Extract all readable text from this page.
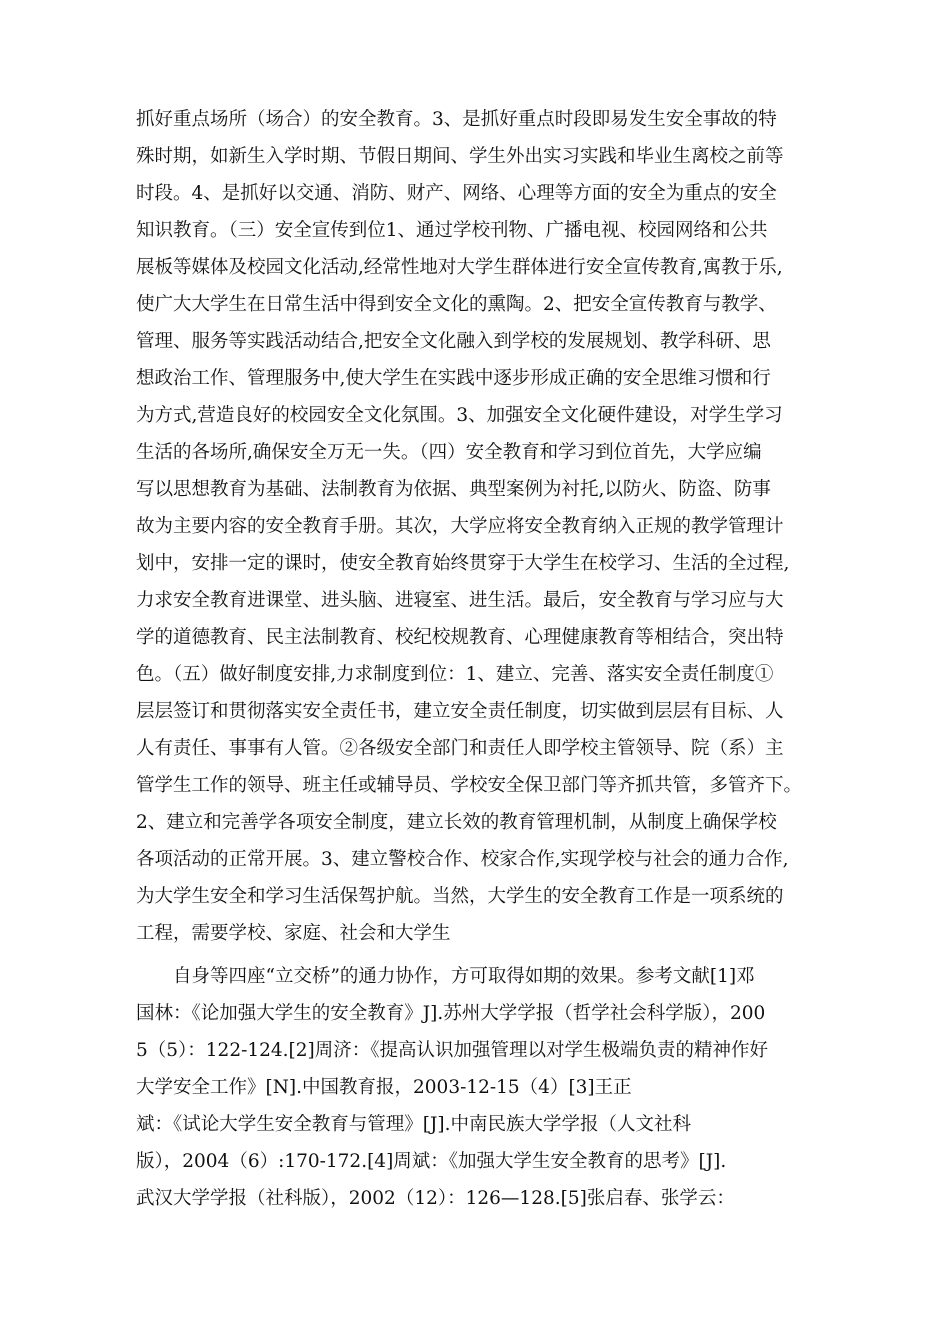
抓好重点场所（场合）的安全教育。3、是抓好重点时段即易发生安全事故的特
殊时期，如新生入学时期、节假日期间、学生外出实习实践和毕业生离校之前等
时段。4、是抓好以交通、消防、财产、网络、心理等方面的安全为重点的安全
知识教育。（三）安全宣传到位1、通过学校刊物、广播电视、校园网络和公共
展板等媒体及校园文化活动,经常性地对大学生群体进行安全宣传教育,寓教于乐,
使广大大学生在日常生活中得到安全文化的熏陶。2、把安全宣传教育与教学、
管理、服务等实践活动结合,把安全文化融入到学校的发展规划、教学科研、思
想政治工作、管理服务中,使大学生在实践中逐步形成正确的安全思维习惯和行
为方式,营造良好的校园安全文化氛围。3、加强安全文化硬件建设，对学生学习
生活的各场所,确保安全万无一失。（四）安全教育和学习到位首先，大学应编
写以思想教育为基础、法制教育为依据、典型案例为衬托,以防火、防盗、防事
故为主要内容的安全教育手册。其次，大学应将安全教育纳入正规的教学管理计
划中，安排一定的课时，使安全教育始终贯穿于大学生在校学习、生活的全过程,
力求安全教育进课堂、进头脑、进寝室、进生活。最后，安全教育与学习应与大
学的道德教育、民主法制教育、校纪校规教育、心理健康教育等相结合，突出特
色。（五）做好制度安排,力求制度到位：1、建立、完善、落实安全责任制度①
层层签订和贯彻落实安全责任书，建立安全责任制度，切实做到层层有目标、人
人有责任、事事有人管。②各级安全部门和责任人即学校主管领导、院（系）主
管学生工作的领导、班主任或辅导员、学校安全保卫部门等齐抓共管，多管齐下。
2、建立和完善学各项安全制度，建立长效的教育管理机制，从制度上确保学校
各项活动的正常开展。3、建立警校合作、校家合作,实现学校与社会的通力合作,
为大学生安全和学习生活保驾护航。当然，大学生的安全教育工作是一项系统的
工程，需要学校、家庭、社会和大学生
　　自身等四座“立交桥”的通力协作，方可取得如期的效果。参考文献[1]邓
国林：《论加强大学生的安全教育》J].苏州大学学报（哲学社会科学版），200
5（5）：122-124.[2]周济：《提高认识加强管理以对学生极端负责的精神作好
大学安全工作》[N].中国教育报，2003-12-15（4）[3]王正
斌：《试论大学生安全教育与管理》[J].中南民族大学学报（人文社科
版），2004（6）:170-172.[4]周斌：《加强大学生安全教育的思考》[J].
武汉大学学报（社科版），2002（12）：126—128.[5]张启春、张学云：
